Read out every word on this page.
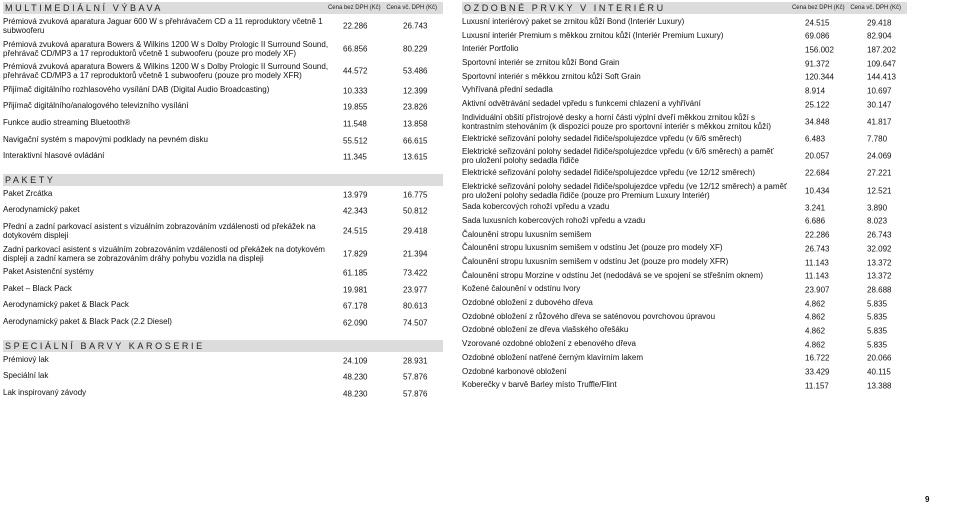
MULTIMEDIÁLNÍ VÝBAVA	Cena bez DPH (Kč) Cena vč. DPH (Kč)
Prémiová zvuková aparatura Jaguar 600 W s přehrávačem CD a 11 reproduktory včetně 1 subwooferu	22.286	26.743
Prémiová zvuková aparatura Bowers & Wilkins 1200 W s Dolby Prologic II Surround Sound, přehrávač CD/MP3 a 17 reproduktorů včetně 1 subwooferu (pouze pro modely XF)	66.856	80.229
Prémiová zvuková aparatura Bowers & Wilkins 1200 W s Dolby Prologic II Surround Sound, přehrávač CD/MP3 a 17 reproduktorů včetně 1 subwooferu (pouze pro modely XFR)	44.572	53.486
Přijímač digitálního rozhlasového vysílání DAB (Digital Audio Broadcasting)	10.333	12.399
Přijímač digitálního/analogového televizního vysílání	19.855	23.826
Funkce audio streaming Bluetooth®	11.548	13.858
Navigační systém s mapovými podklady na pevném disku	55.512	66.615
Interaktivní hlasové ovládání	11.345	13.615
PAKETY
Paket Zrcátka	13.979	16.775
Aerodynamický paket	42.343	50.812
Přední a zadní parkovací asistent s vizuálním zobrazováním vzdálenosti od překážek na dotykovém displeji	24.515	29.418
Zadní parkovací asistent s vizuálním zobrazováním vzdálenosti od překážek na dotykovém displeji a zadní kamera se zobrazováním dráhy pohybu vozidla na displeji	17.829	21.394
Paket Asistenční systémy	61.185	73.422
Paket – Black Pack	19.981	23.977
Aerodynamický paket & Black Pack	67.178	80.613
Aerodynamický paket & Black Pack (2.2 Diesel)	62.090	74.507
SPECIÁLNÍ BARVY KAROSERIE
Prémiový lak	24.109	28.931
Speciální lak	48.230	57.876
Lak inspirovaný závody	48.230	57.876
OZDOBNÉ PRVKY V INTERIÉRU	Cena bez DPH (Kč) Cena vč. DPH (Kč)
Luxusní interiérový paket se zrnitou kůží Bond (Interiér Luxury)	24.515	29.418
Luxusní interiér Premium s měkkou zrnitou kůží (Interiér Premium Luxury)	69.086	82.904
Interiér Portfolio	156.002	187.202
Sportovní interiér se zrnitou kůží Bond Grain	91.372	109.647
Sportovní interiér s měkkou zrnitou kůží Soft Grain	120.344	144.413
Vyhřívaná přední sedadla	8.914	10.697
Aktivní odvětrávání sedadel vpředu s funkcemi chlazení a vyhřívání	25.122	30.147
Individuální obšití přístrojové desky a horní části výplní dveří měkkou zrnitou kůží s kontrastním stehováním (k dispozici pouze pro sportovní interiér s měkkou zrnitou kůží)	34.848	41.817
Elektrické seřizování polohy sedadel řidiče/spolujezdce vpředu (v 6/6 směrech)	6.483	7.780
Elektrické seřizování polohy sedadel řidiče/spolujezdce vpředu (v 6/6 směrech) a paměť pro uložení polohy sedadla řidiče	20.057	24.069
Elektrické seřizování polohy sedadel řidiče/spolujezdce vpředu (ve 12/12 směrech)	22.684	27.221
Elektrické seřizování polohy sedadel řidiče/spolujezdce vpředu (ve 12/12 směrech) a paměť pro uložení polohy sedadla řidiče (pouze pro Premium Luxury Interiér)	10.434	12.521
Sada kobercových rohoží vpředu a vzadu	3.241	3.890
Sada luxusních kobercových rohoží vpředu a vzadu	6.686	8.023
Čalounění stropu luxusním semišem	22.286	26.743
Čalounění stropu luxusním semišem v odstínu Jet (pouze pro modely XF)	26.743	32.092
Čalounění stropu luxusním semišem v odstínu Jet (pouze pro modely XFR)	11.143	13.372
Čalounění stropu Morzine v odstínu Jet (nedodává se ve spojení se střešním oknem)	11.143	13.372
Kožené čalounění v odstínu Ivory	23.907	28.688
Ozdobné obložení z dubového dřeva	4.862	5.835
Ozdobné obložení z růžového dřeva se saténovou povrchovou úpravou	4.862	5.835
Ozdobné obložení ze dřeva vlašského ořešáku	4.862	5.835
Vzorované ozdobné obložení z ebenového dřeva	4.862	5.835
Ozdobné obložení natřené černým klavírním lakem	16.722	20.066
Ozdobné karbonové obložení	33.429	40.115
Koberečky v barvě Barley místo Truffle/Flint	11.157	13.388
9
